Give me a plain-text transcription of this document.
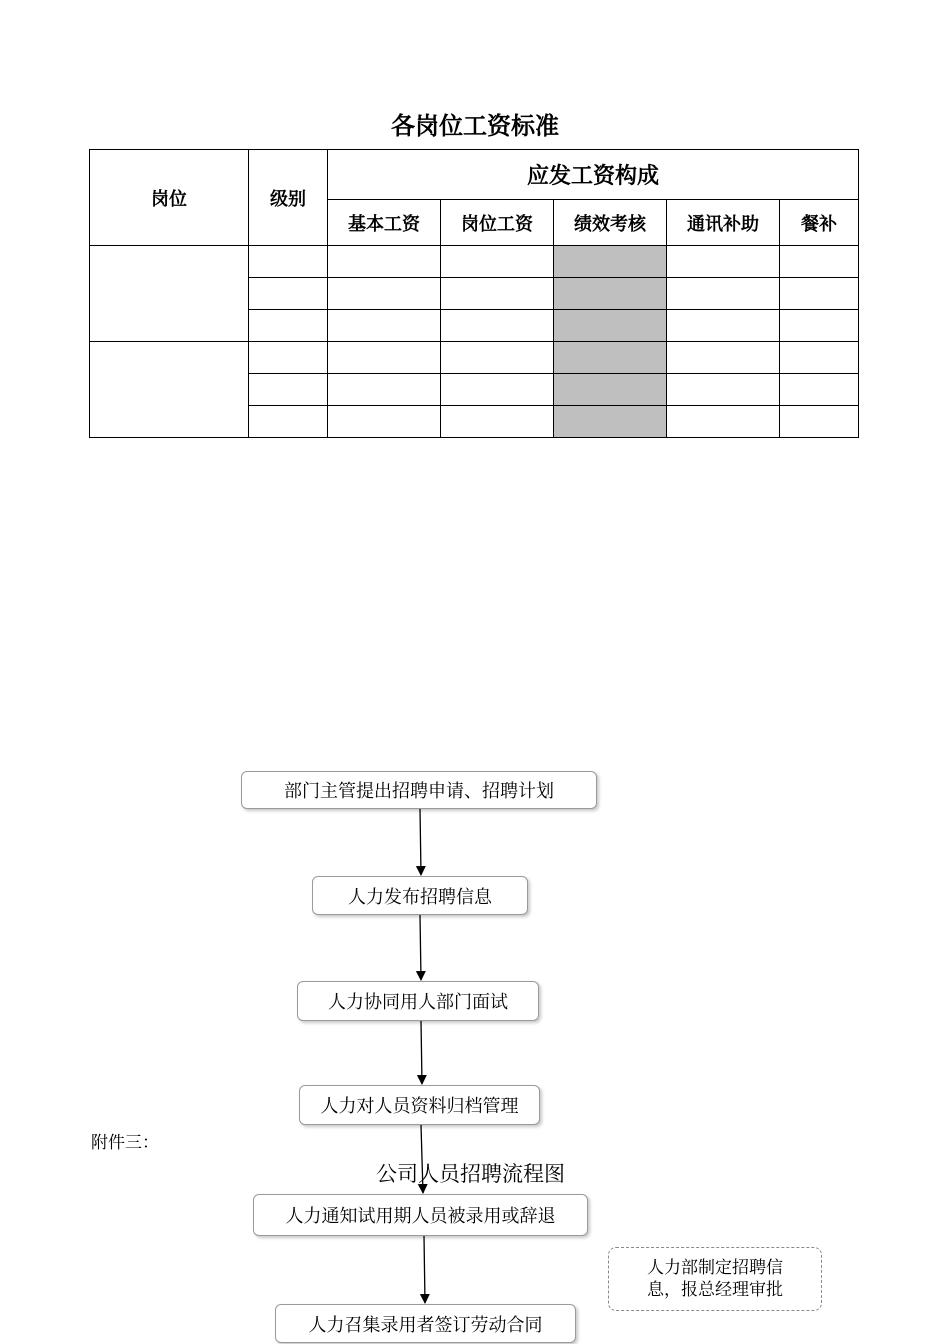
各岗位工资标准
岗位	级别	应发工资构成				
		基本工资	岗位工资	绩效考核	通讯补助	餐补

附件三：
公司人员招聘流程图
部门主管提出招聘申请、招聘计划
人力发布招聘信息
人力协同用人部门面试
人力对人员资料归档管理
人力通知试用期人员被录用或辞退
人力召集录用者签订劳动合同
人力部制定招聘信息，报总经理审批
